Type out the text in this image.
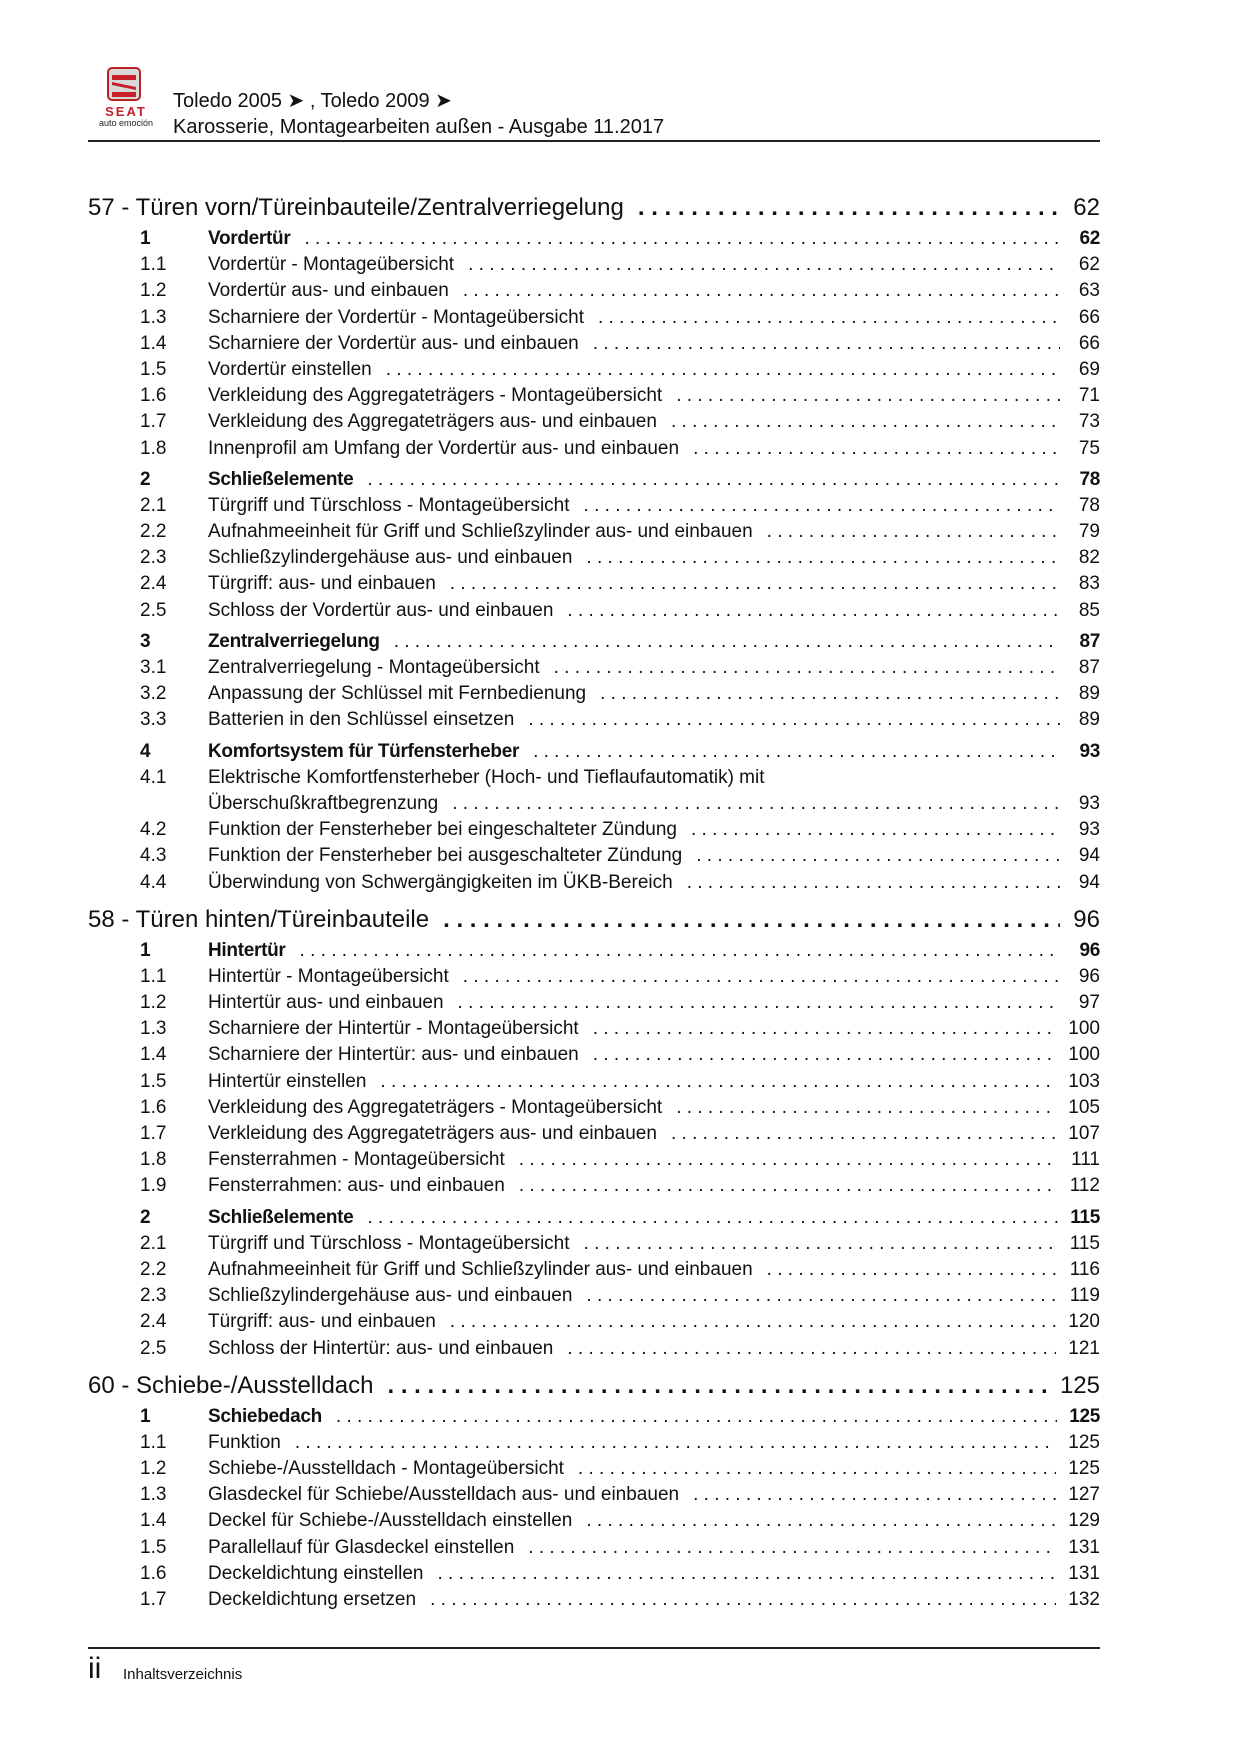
SEAT
auto emoción
Toledo 2005 ➤ , Toledo 2009 ➤
Karosserie, Montagearbeiten außen - Ausgabe 11.2017
57 - Türen vorn/Türeinbauteile/Zentralverriegelung . . .	62
1	Vordertür . . .	62
1.1	Vordertür - Montageübersicht . . .	62
1.2	Vordertür aus- und einbauen . . .	63
1.3	Scharniere der Vordertür - Montageübersicht . . .	66
1.4	Scharniere der Vordertür aus- und einbauen . . .	66
1.5	Vordertür einstellen . . .	69
1.6	Verkleidung des Aggregateträgers - Montageübersicht . . .	71
1.7	Verkleidung des Aggregateträgers aus- und einbauen . . .	73
1.8	Innenprofil am Umfang der Vordertür aus- und einbauen . . .	75
2	Schließelemente . . .	78
2.1	Türgriff und Türschloss - Montageübersicht . . .	78
2.2	Aufnahmeeinheit für Griff und Schließzylinder aus- und einbauen . . .	79
2.3	Schließzylindergehäuse aus- und einbauen . . .	82
2.4	Türgriff: aus- und einbauen . . .	83
2.5	Schloss der Vordertür aus- und einbauen . . .	85
3	Zentralverriegelung . . .	87
3.1	Zentralverriegelung - Montageübersicht . . .	87
3.2	Anpassung der Schlüssel mit Fernbedienung . . .	89
3.3	Batterien in den Schlüssel einsetzen . . .	89
4	Komfortsystem für Türfensterheber . . .	93
4.1	Elektrische Komfortfensterheber (Hoch- und Tieflaufautomatik) mit
Überschußkraftbegrenzung . . .	93
4.2	Funktion der Fensterheber bei eingeschalteter Zündung . . .	93
4.3	Funktion der Fensterheber bei ausgeschalteter Zündung . . .	94
4.4	Überwindung von Schwergängigkeiten im ÜKB-Bereich . . .	94
58 - Türen hinten/Türeinbauteile . . .	96
1	Hintertür . . .	96
1.1	Hintertür - Montageübersicht . . .	96
1.2	Hintertür aus- und einbauen . . .	97
1.3	Scharniere der Hintertür - Montageübersicht . . .	100
1.4	Scharniere der Hintertür: aus- und einbauen . . .	100
1.5	Hintertür einstellen . . .	103
1.6	Verkleidung des Aggregateträgers - Montageübersicht . . .	105
1.7	Verkleidung des Aggregateträgers aus- und einbauen . . .	107
1.8	Fensterrahmen - Montageübersicht . . .	111
1.9	Fensterrahmen: aus- und einbauen . . .	112
2	Schließelemente . . .	115
2.1	Türgriff und Türschloss - Montageübersicht . . .	115
2.2	Aufnahmeeinheit für Griff und Schließzylinder aus- und einbauen . . .	116
2.3	Schließzylindergehäuse aus- und einbauen . . .	119
2.4	Türgriff: aus- und einbauen . . .	120
2.5	Schloss der Hintertür: aus- und einbauen . . .	121
60 - Schiebe-/Ausstelldach . . .	125
1	Schiebedach . . .	125
1.1	Funktion . . .	125
1.2	Schiebe-/Ausstelldach - Montageübersicht . . .	125
1.3	Glasdeckel für Schiebe/Ausstelldach aus- und einbauen . . .	127
1.4	Deckel für Schiebe-/Ausstelldach einstellen . . .	129
1.5	Parallellauf für Glasdeckel einstellen . . .	131
1.6	Deckeldichtung einstellen . . .	131
1.7	Deckeldichtung ersetzen . . .	132
ii Inhaltsverzeichnis
